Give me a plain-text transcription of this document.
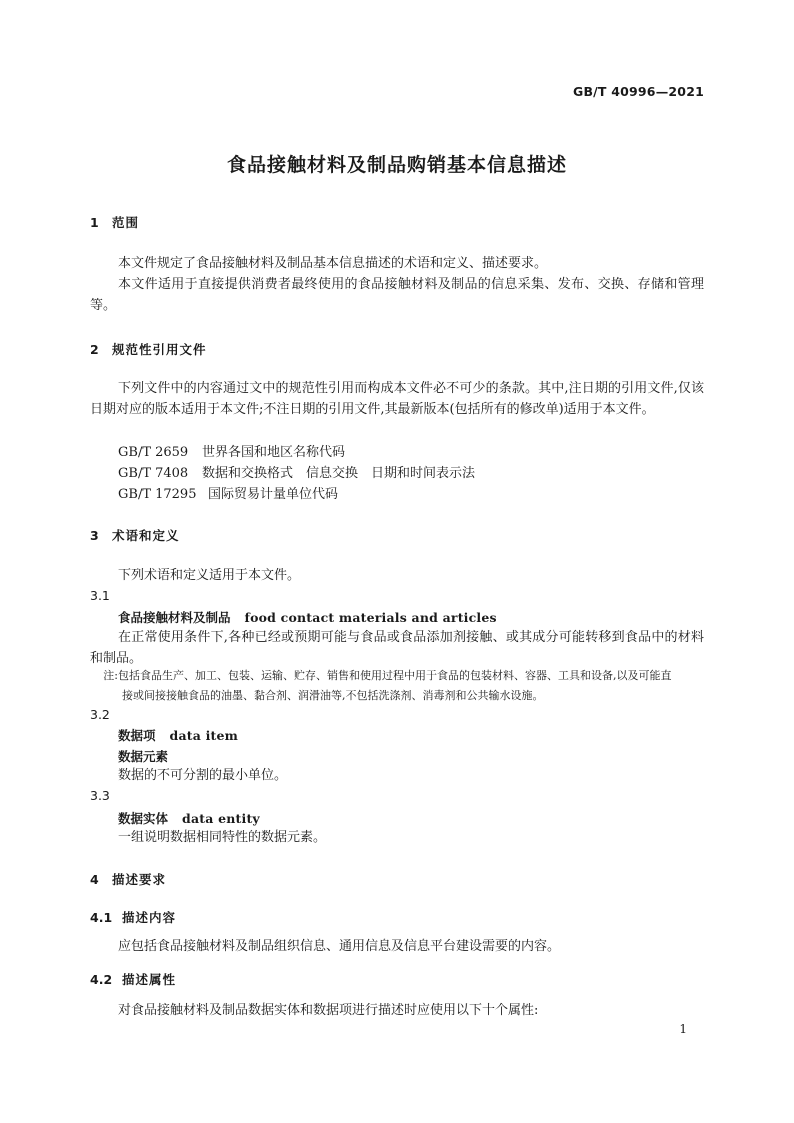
GB/T 40996—2021
食品接触材料及制品购销基本信息描述
1 范围
本文件规定了食品接触材料及制品基本信息描述的术语和定义、描述要求。
本文件适用于直接提供消费者最终使用的食品接触材料及制品的信息采集、发布、交换、存储和管理等。
2 规范性引用文件
下列文件中的内容通过文中的规范性引用而构成本文件必不可少的条款。其中,注日期的引用文件,仅该日期对应的版本适用于本文件;不注日期的引用文件,其最新版本(包括所有的修改单)适用于本文件。
GB/T 2659 世界各国和地区名称代码
GB/T 7408 数据和交换格式　信息交换　日期和时间表示法
GB/T 17295 国际贸易计量单位代码
3 术语和定义
下列术语和定义适用于本文件。
3.1
食品接触材料及制品 food contact materials and articles
在正常使用条件下,各种已经或预期可能与食品或食品添加剂接触、或其成分可能转移到食品中的材料和制品。
注:包括食品生产、加工、包装、运输、贮存、销售和使用过程中用于食品的包装材料、容器、工具和设备,以及可能直
接或间接接触食品的油墨、黏合剂、润滑油等,不包括洗涤剂、消毒剂和公共输水设施。
3.2
数据项 data item
数据元素
数据的不可分割的最小单位。
3.3
数据实体 data entity
一组说明数据相同特性的数据元素。
4 描述要求
4.1 描述内容
应包括食品接触材料及制品组织信息、通用信息及信息平台建设需要的内容。
4.2 描述属性
对食品接触材料及制品数据实体和数据项进行描述时应使用以下十个属性:
1
